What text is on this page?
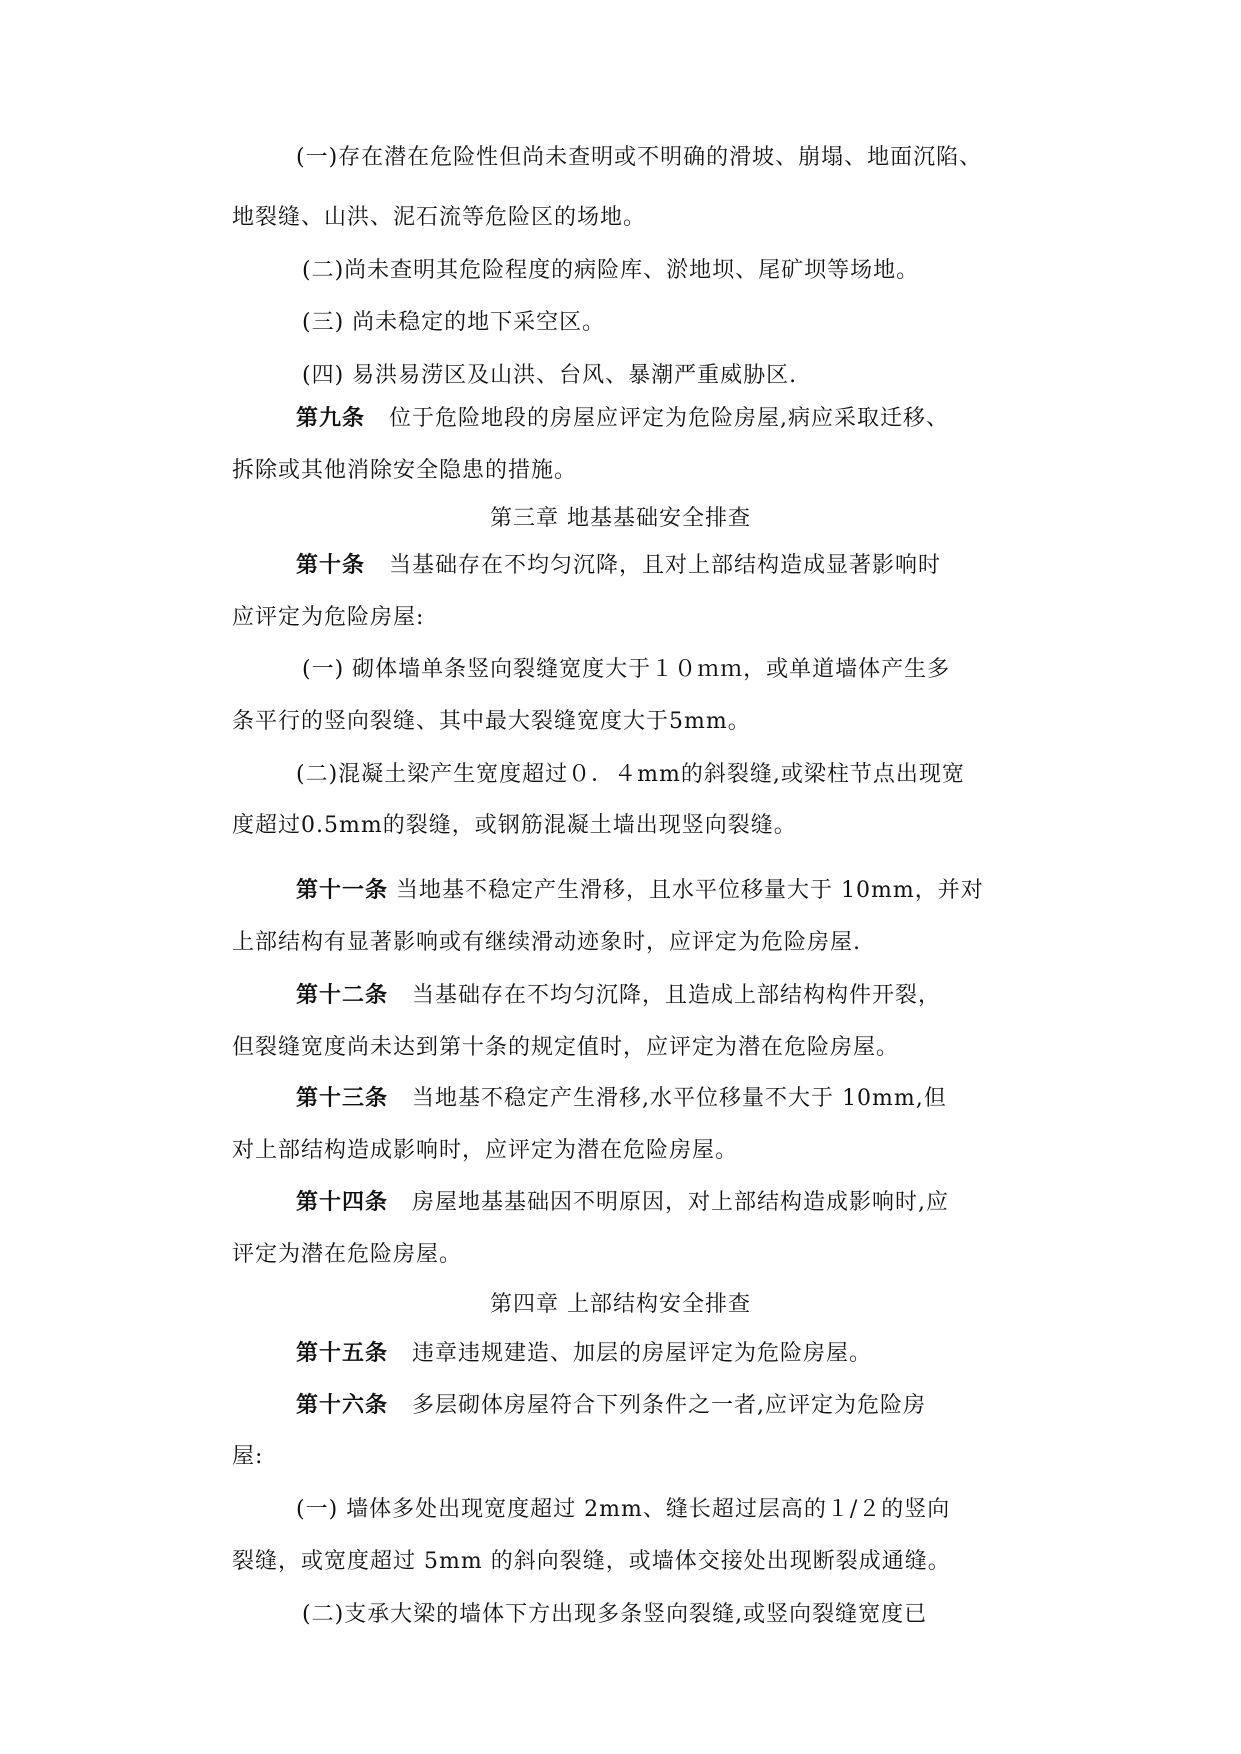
(一)存在潜在危险性但尚未查明或不明确的滑坡、崩塌、地面沉陷、
地裂缝、山洪、泥石流等危险区的场地。
(二)尚未查明其危险程度的病险库、淤地坝、尾矿坝等场地。
(三) 尚未稳定的地下采空区。
(四) 易洪易涝区及山洪、台风、暴潮严重威胁区.
第九条 位于危险地段的房屋应评定为危险房屋,病应采取迁移、
拆除或其他消除安全隐患的措施。
第三章 地基基础安全排查
第十条 当基础存在不均匀沉降，且对上部结构造成显著影响时
应评定为危险房屋:
(一) 砌体墙单条竖向裂缝宽度大于１０ｍｍ，或单道墙体产生多
条平行的竖向裂缝、其中最大裂缝宽度大于5mm。
(二)混凝土梁产生宽度超过０．４mm的斜裂缝,或梁柱节点出现宽
度超过0.5mm的裂缝，或钢筋混凝土墙出现竖向裂缝。
第十一条 当地基不稳定产生滑移，且水平位移量大于 10mm，并对
上部结构有显著影响或有继续滑动迹象时，应评定为危险房屋.
第十二条 当基础存在不均匀沉降，且造成上部结构构件开裂，
但裂缝宽度尚未达到第十条的规定值时，应评定为潜在危险房屋。
第十三条 当地基不稳定产生滑移,水平位移量不大于 10mm,但
对上部结构造成影响时，应评定为潜在危险房屋。
第十四条 房屋地基基础因不明原因，对上部结构造成影响时,应
评定为潜在危险房屋。
第四章 上部结构安全排查
第十五条 违章违规建造、加层的房屋评定为危险房屋。
第十六条 多层砌体房屋符合下列条件之一者,应评定为危险房
屋:
(一) 墙体多处出现宽度超过 2mm、缝长超过层高的１/２的竖向
裂缝，或宽度超过 5mm 的斜向裂缝，或墙体交接处出现断裂成通缝。
(二)支承大梁的墙体下方出现多条竖向裂缝,或竖向裂缝宽度已
